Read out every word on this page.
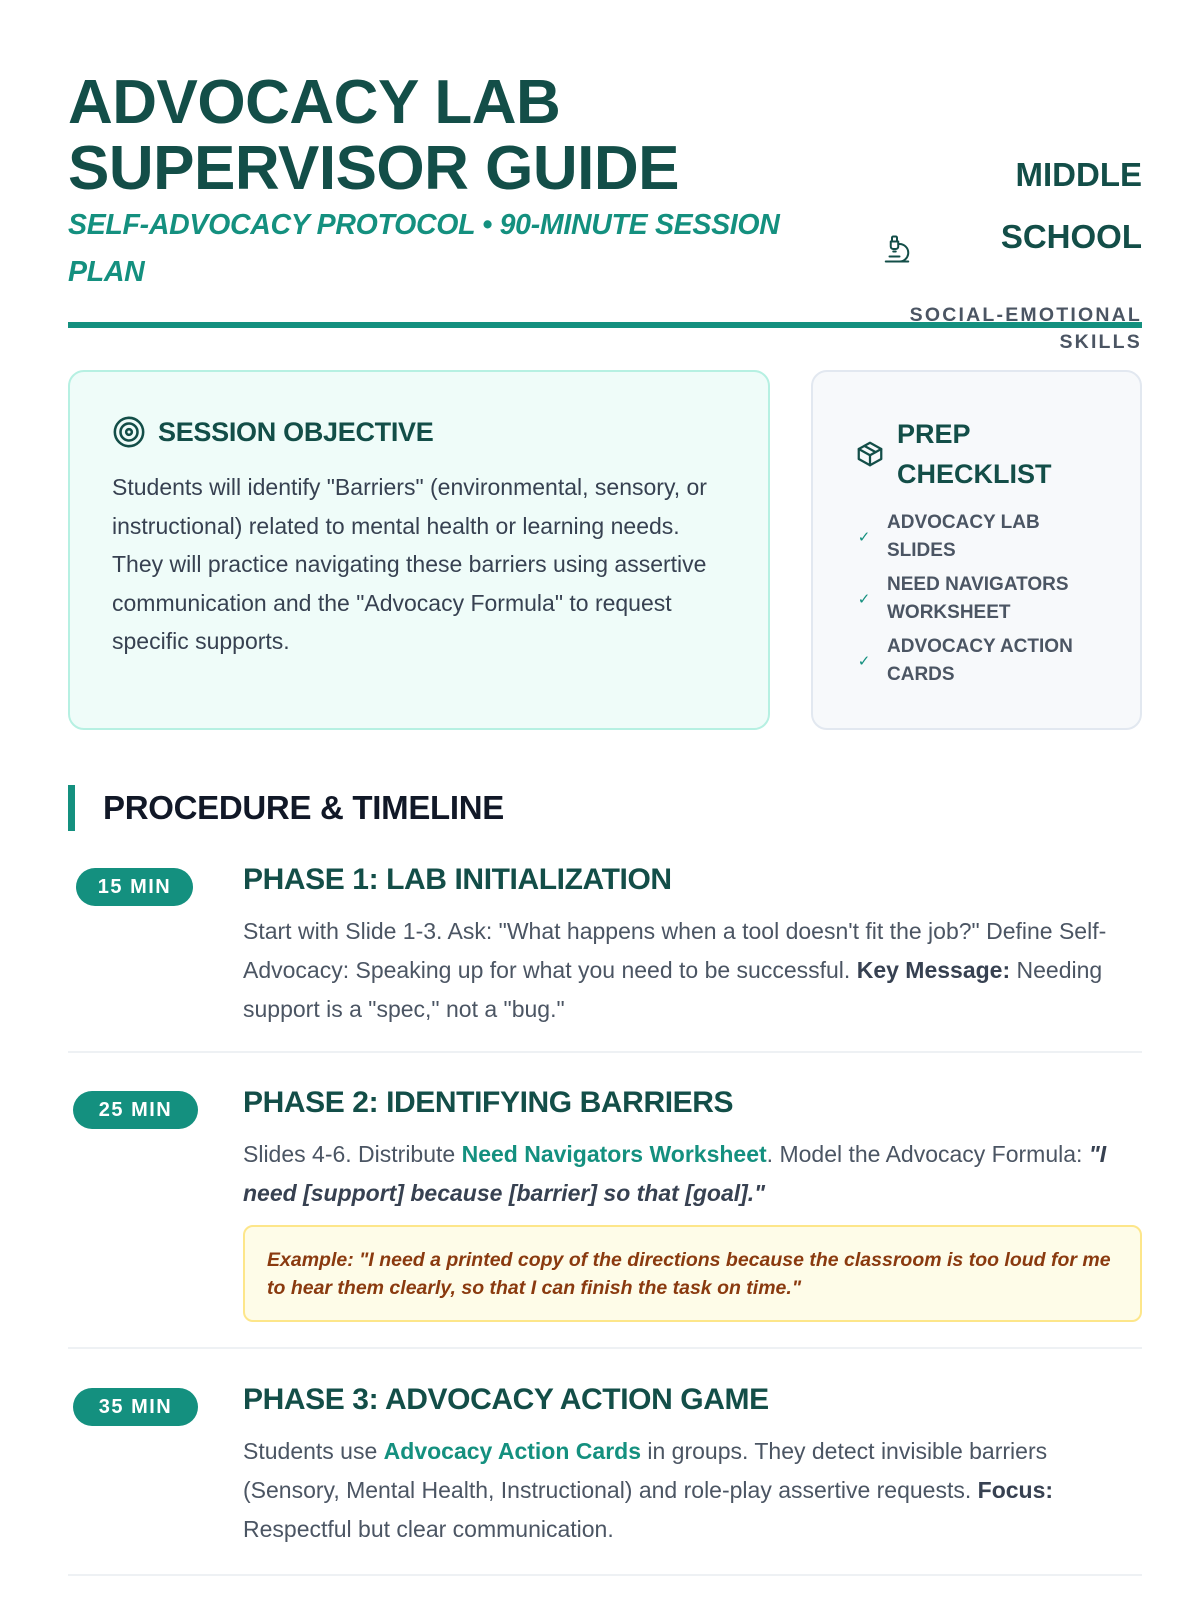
ADVOCACY LAB
SUPERVISOR GUIDE
SELF-ADVOCACY PROTOCOL • 90-MINUTE SESSION PLAN
MIDDLE
SCHOOL
SOCIAL-EMOTIONAL SKILLS
SESSION OBJECTIVE

Students will identify "Barriers" (environmental, sensory, or instructional) related to mental health or learning needs. They will practice navigating these barriers using assertive communication and the "Advocacy Formula" to request specific supports.

PREP CHECKLIST
✓
ADVOCACY LAB SLIDES
✓
NEED NAVIGATORS WORKSHEET
✓
ADVOCACY ACTION CARDS
PROCEDURE & TIMELINE
15 MIN	PHASE 1: LAB INITIALIZATION

Start with Slide 1-3. Ask: "What happens when a tool doesn't fit the job?" Define Self-Advocacy: Speaking up for what you need to be successful. Key Message: Needing support is a "spec," not a "bug."

25 MIN	PHASE 2: IDENTIFYING BARRIERS

Slides 4-6. Distribute Need Navigators Worksheet. Model the Advocacy Formula: "I need [support] because [barrier] so that [goal]."

Example: "I need a printed copy of the directions because the classroom is too loud for me to hear them clearly, so that I can finish the task on time."
35 MIN	PHASE 3: ADVOCACY ACTION GAME

Students use Advocacy Action Cards in groups. They detect invisible barriers (Sensory, Mental Health, Instructional) and role-play assertive requests. Focus: Respectful but clear communication.
